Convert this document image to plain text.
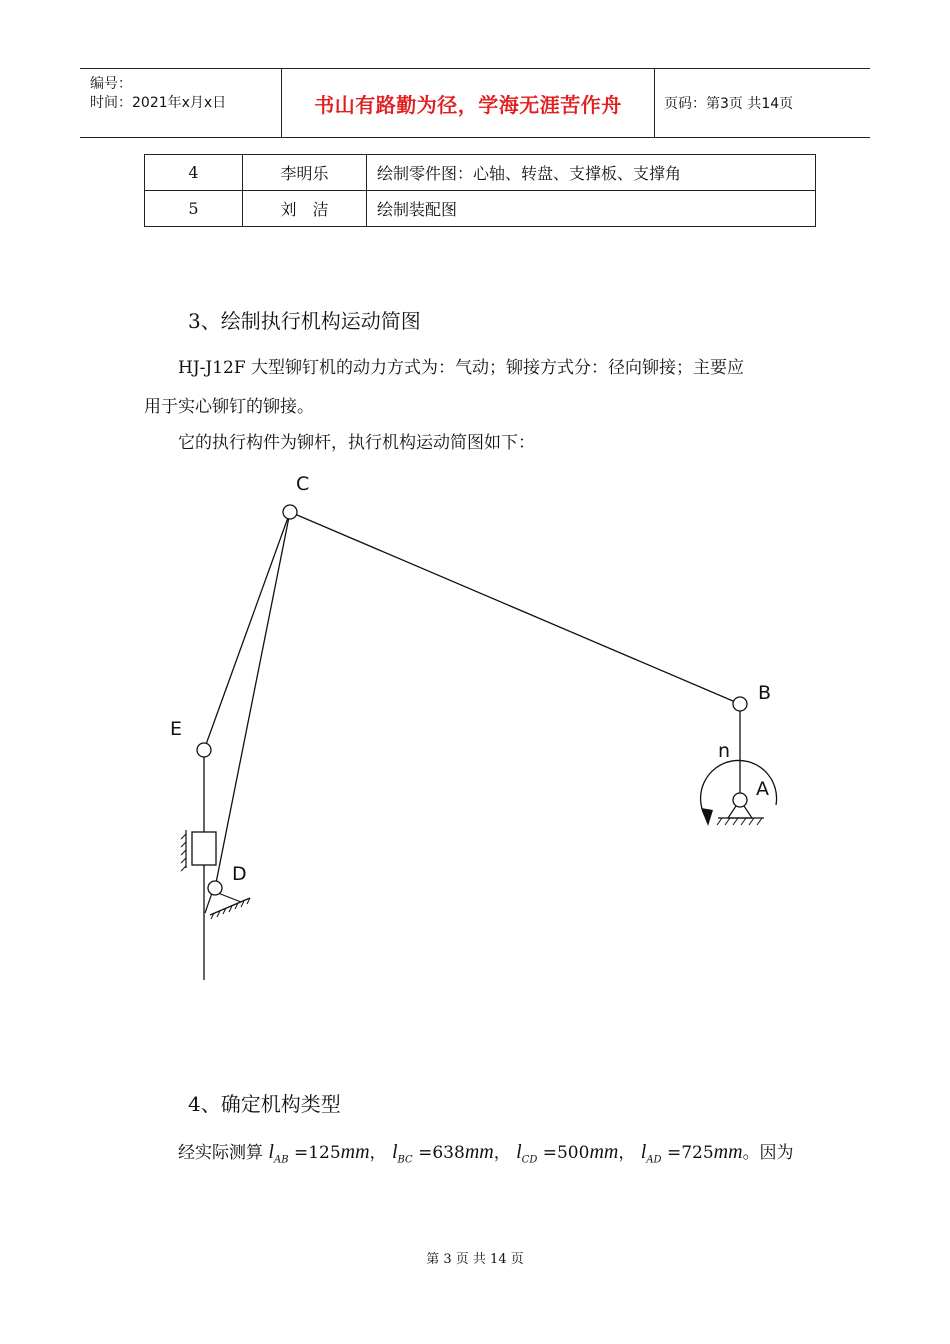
编号：
时间：2021年x月x日	书山有路勤为径，学海无涯苦作舟	页码：第3页 共14页
4	李明乐	绘制零件图：心轴、转盘、支撑板、支撑角
5	刘　洁	绘制装配图
3、绘制执行机构运动简图
HJ-J12F 大型铆钉机的动力方式为：气动；铆接方式分：径向铆接；主要应
用于实心铆钉的铆接。
它的执行构件为铆杆，执行机构运动简图如下：
C
B
E
D
A
n
4、确定机构类型
经实际测算 $l_{AB} =125mm$， $l_{BC} =638mm$， $l_{CD} =500mm$， $l_{AD} =725mm$。因为
第 3 页 共 14 页
